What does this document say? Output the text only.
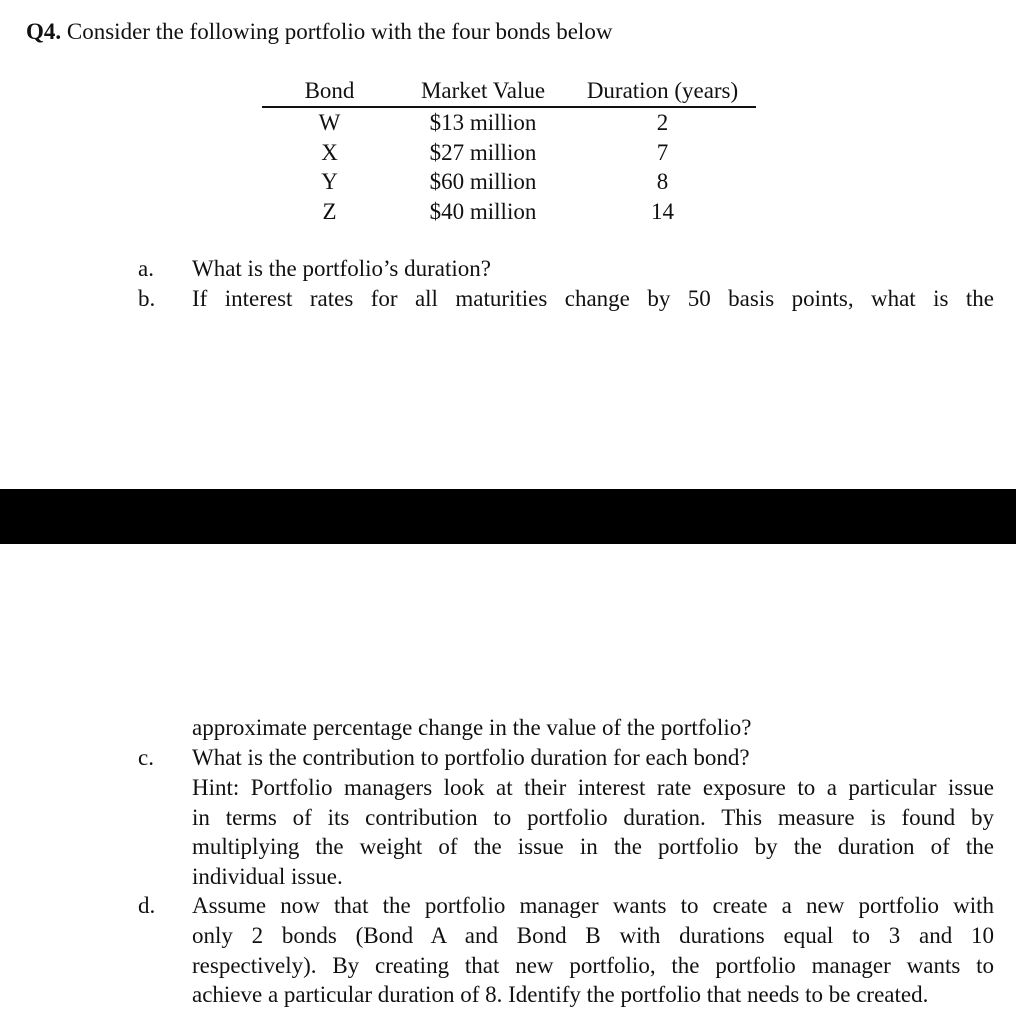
Q4. Consider the following portfolio with the four bonds below
Bond	Market Value	Duration (years)
W	$13 million	2
X	$27 million	7
Y	$60 million	8
Z	$40 million	14
a. What is the portfolio’s duration?
b. If interest rates for all maturities change by 50 basis points, what is the
approximate percentage change in the value of the portfolio?
c. What is the contribution to portfolio duration for each bond?
Hint: Portfolio managers look at their interest rate exposure to a particular issue
in terms of its contribution to portfolio duration. This measure is found by
multiplying the weight of the issue in the portfolio by the duration of the
individual issue.
d. Assume now that the portfolio manager wants to create a new portfolio with
only 2 bonds (Bond A and Bond B with durations equal to 3 and 10
respectively). By creating that new portfolio, the portfolio manager wants to
achieve a particular duration of 8. Identify the portfolio that needs to be created.
